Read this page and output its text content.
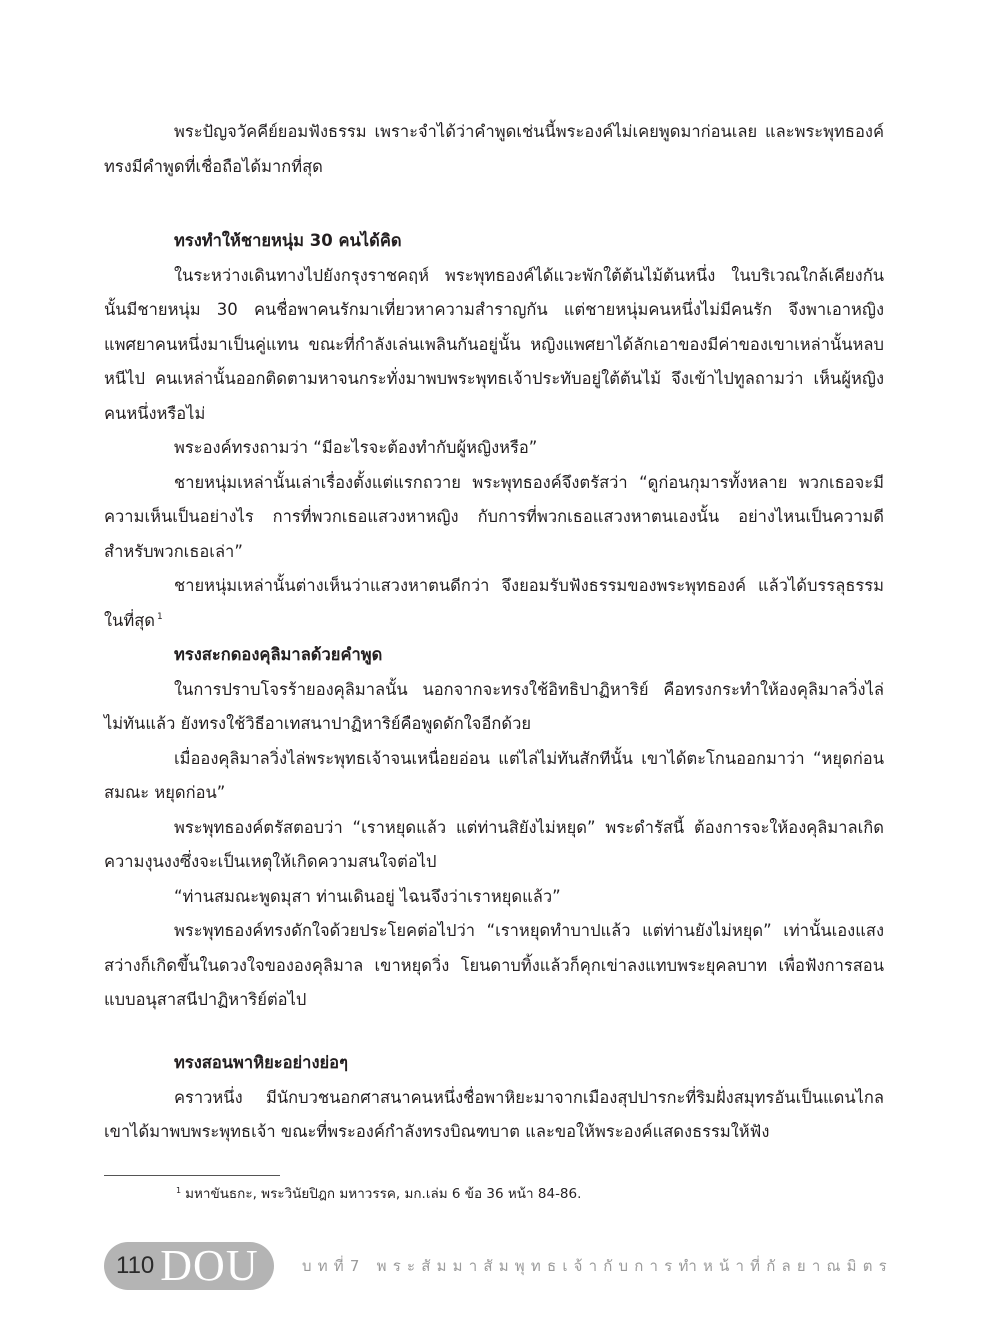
พระปัญจวัคคีย์ยอมฟังธรรม เพราะจำได้ว่าคำพูดเช่นนี้พระองค์ไม่เคยพูดมาก่อนเลย และพระพุทธองค์ทรงมีคำพูดที่เชื่อถือได้มากที่สุด

ทรงทำให้ชายหนุ่ม 30 คนได้คิด

ในระหว่างเดินทางไปยังกรุงราชคฤห์ พระพุทธองค์ได้แวะพักใต้ต้นไม้ต้นหนึ่ง ในบริเวณใกล้เคียงกันนั้นมีชายหนุ่ม 30 คนชื่อพาคนรักมาเที่ยวหาความสำราญกัน แต่ชายหนุ่มคนหนึ่งไม่มีคนรัก จึงพาเอาหญิงแพศยาคนหนึ่งมาเป็นคู่แทน ขณะที่กำลังเล่นเพลินกันอยู่นั้น หญิงแพศยาได้ลักเอาของมีค่าของเขาเหล่านั้นหลบหนีไป คนเหล่านั้นออกติดตามหาจนกระทั่งมาพบพระพุทธเจ้าประทับอยู่ใต้ต้นไม้ จึงเข้าไปทูลถามว่า เห็นผู้หญิงคนหนึ่งหรือไม่

พระองค์ทรงถามว่า “มีอะไรจะต้องทำกับผู้หญิงหรือ”

ชายหนุ่มเหล่านั้นเล่าเรื่องตั้งแต่แรกถวาย พระพุทธองค์จึงตรัสว่า “ดูก่อนกุมารทั้งหลาย พวกเธอจะมีความเห็นเป็นอย่างไร การที่พวกเธอแสวงหาหญิง กับการที่พวกเธอแสวงหาตนเองนั้น อย่างไหนเป็นความดีสำหรับพวกเธอเล่า”

ชายหนุ่มเหล่านั้นต่างเห็นว่าแสวงหาตนดีกว่า จึงยอมรับฟังธรรมของพระพุทธองค์ แล้วได้บรรลุธรรมในที่สุด $^1$

ทรงสะกดองคุลิมาลด้วยคำพูด

ในการปราบโจรร้ายองคุลิมาลนั้น นอกจากจะทรงใช้อิทธิปาฏิหาริย์ คือทรงกระทำให้องคุลิมาลวิ่งไล่ไม่ทันแล้ว ยังทรงใช้วิธีอาเทสนาปาฏิหาริย์คือพูดดักใจอีกด้วย

เมื่อองคุลิมาลวิ่งไล่พระพุทธเจ้าจนเหนื่อยอ่อน แต่ไล่ไม่ทันสักทีนั้น เขาได้ตะโกนออกมาว่า “หยุดก่อนสมณะ หยุดก่อน”

พระพุทธองค์ตรัสตอบว่า “เราหยุดแล้ว แต่ท่านสิยังไม่หยุด” พระดำรัสนี้ ต้องการจะให้องคุลิมาลเกิดความงุนงงซึ่งจะเป็นเหตุให้เกิดความสนใจต่อไป

“ท่านสมณะพูดมุสา ท่านเดินอยู่ ไฉนจึงว่าเราหยุดแล้ว”

พระพุทธองค์ทรงดักใจด้วยประโยคต่อไปว่า “เราหยุดทำบาปแล้ว แต่ท่านยังไม่หยุด” เท่านั้นเองแสงสว่างก็เกิดขึ้นในดวงใจขององคุลิมาล เขาหยุดวิ่ง โยนดาบทิ้งแล้วก็คุกเข่าลงแทบพระยุคลบาท เพื่อฟังการสอนแบบอนุสาสนีปาฏิหาริย์ต่อไป

ทรงสอนพาหิยะอย่างย่อๆ

คราวหนึ่ง มีนักบวชนอกศาสนาคนหนึ่งชื่อพาหิยะมาจากเมืองสุปปารกะที่ริมฝั่งสมุทรอันเป็นแดนไกลเขาได้มาพบพระพุทธเจ้า ขณะที่พระองค์กำลังทรงบิณฑบาต และขอให้พระองค์แสดงธรรมให้ฟัง

$^1$ มหาขันธกะ, พระวินัยปิฎก มหาวรรค, มก.เล่ม 6 ข้อ 36 หน้า 84-86.
110 DOU	บทที่7 พระสัมมาสัมพุทธเจ้ากับการทำหน้าที่กัลยาณมิตร
